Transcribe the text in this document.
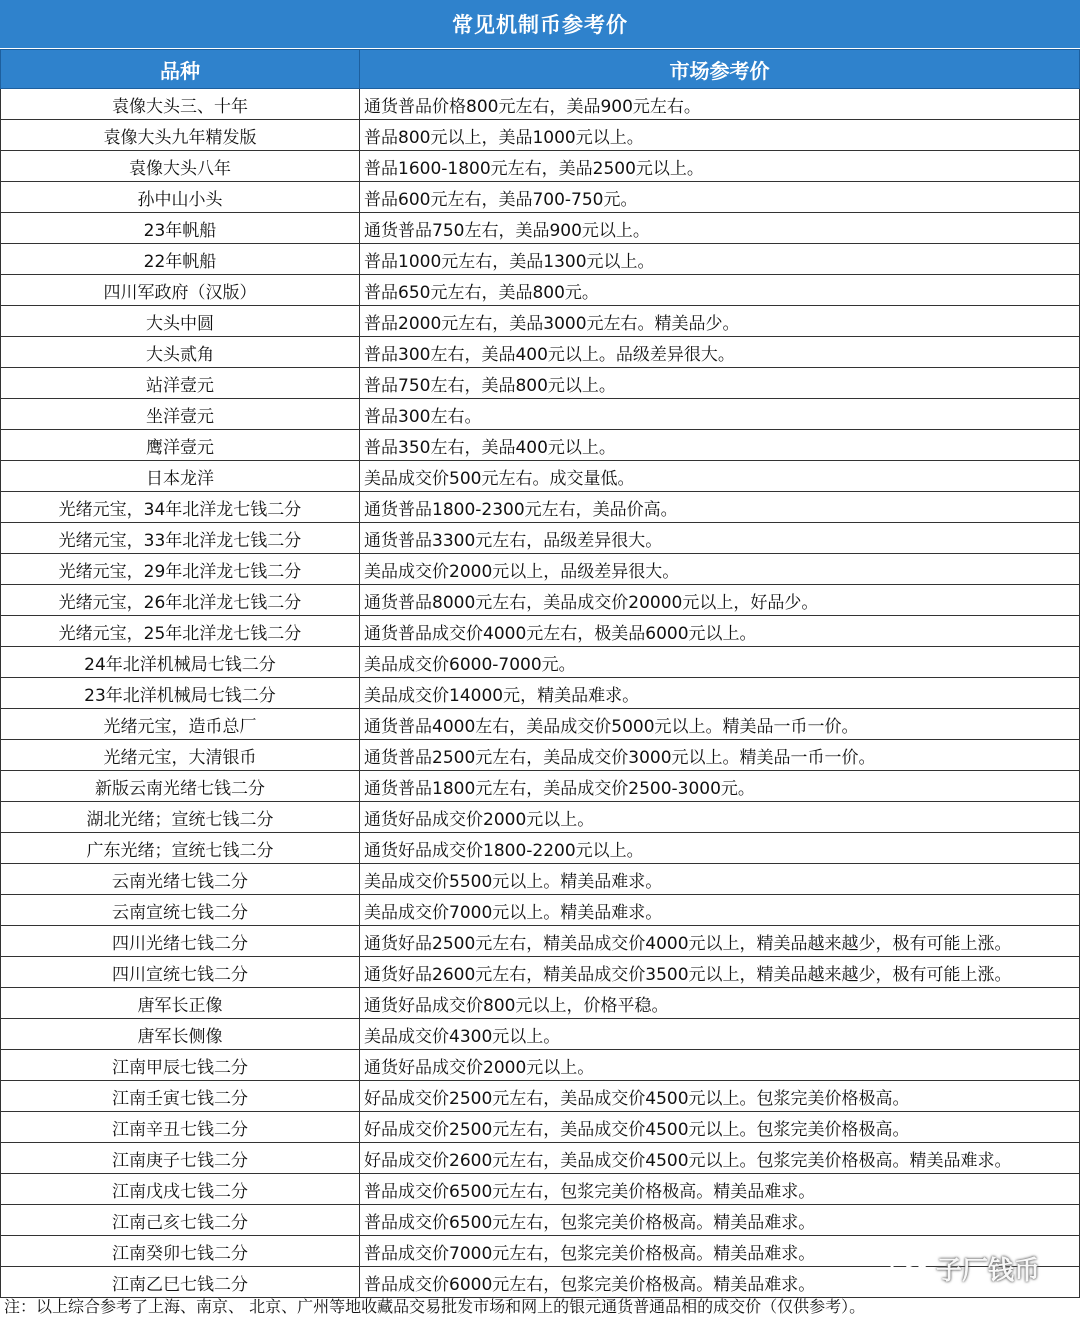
常见机制币参考价
品种	市场参考价
袁像大头三、十年	通货普品价格800元左右，美品900元左右。
袁像大头九年精发版	普品800元以上，美品1000元以上。
袁像大头八年	普品1600-1800元左右，美品2500元以上。
孙中山小头	普品600元左右，美品700-750元。
23年帆船	通货普品750左右，美品900元以上。
22年帆船	普品1000元左右，美品1300元以上。
四川军政府（汉版）	普品650元左右，美品800元。
大头中圆	普品2000元左右，美品3000元左右。精美品少。
大头贰角	普品300左右，美品400元以上。品级差异很大。
站洋壹元	普品750左右，美品800元以上。
坐洋壹元	普品300左右。
鹰洋壹元	普品350左右，美品400元以上。
日本龙洋	美品成交价500元左右。成交量低。
光绪元宝，34年北洋龙七钱二分	通货普品1800-2300元左右，美品价高。
光绪元宝，33年北洋龙七钱二分	通货普品3300元左右，品级差异很大。
光绪元宝，29年北洋龙七钱二分	美品成交价2000元以上，品级差异很大。
光绪元宝，26年北洋龙七钱二分	通货普品8000元左右，美品成交价20000元以上，好品少。
光绪元宝，25年北洋龙七钱二分	通货普品成交价4000元左右，极美品6000元以上。
24年北洋机械局七钱二分	美品成交价6000-7000元。
23年北洋机械局七钱二分	美品成交价14000元，精美品难求。
光绪元宝，造币总厂	通货普品4000左右，美品成交价5000元以上。精美品一币一价。
光绪元宝，大清银币	通货普品2500元左右，美品成交价3000元以上。精美品一币一价。
新版云南光绪七钱二分	通货普品1800元左右，美品成交价2500-3000元。
湖北光绪；宣统七钱二分	通货好品成交价2000元以上。
广东光绪；宣统七钱二分	通货好品成交价1800-2200元以上。
云南光绪七钱二分	美品成交价5500元以上。精美品难求。
云南宣统七钱二分	美品成交价7000元以上。精美品难求。
四川光绪七钱二分	通货好品2500元左右，精美品成交价4000元以上，精美品越来越少，极有可能上涨。
四川宣统七钱二分	通货好品2600元左右，精美品成交价3500元以上，精美品越来越少，极有可能上涨。
唐军长正像	通货好品成交价800元以上，价格平稳。
唐军长侧像	美品成交价4300元以上。
江南甲辰七钱二分	通货好品成交价2000元以上。
江南壬寅七钱二分	好品成交价2500元左右，美品成交价4500元以上。包浆完美价格极高。
江南辛丑七钱二分	好品成交价2500元左右，美品成交价4500元以上。包浆完美价格极高。
江南庚子七钱二分	好品成交价2600元左右，美品成交价4500元以上。包浆完美价格极高。精美品难求。
江南戊戌七钱二分	普品成交价6500元左右，包浆完美价格极高。精美品难求。
江南己亥七钱二分	普品成交价6500元左右，包浆完美价格极高。精美品难求。
江南癸卯七钱二分	普品成交价7000元左右，包浆完美价格极高。精美品难求。
江南乙巳七钱二分	普品成交价6000元左右，包浆完美价格极高。精美品难求。
注：以上综合参考了上海、南京、 北京、广州等地收藏品交易批发市场和网上的银元通货普通品相的成交价（仅供参考）。
子厂钱币
